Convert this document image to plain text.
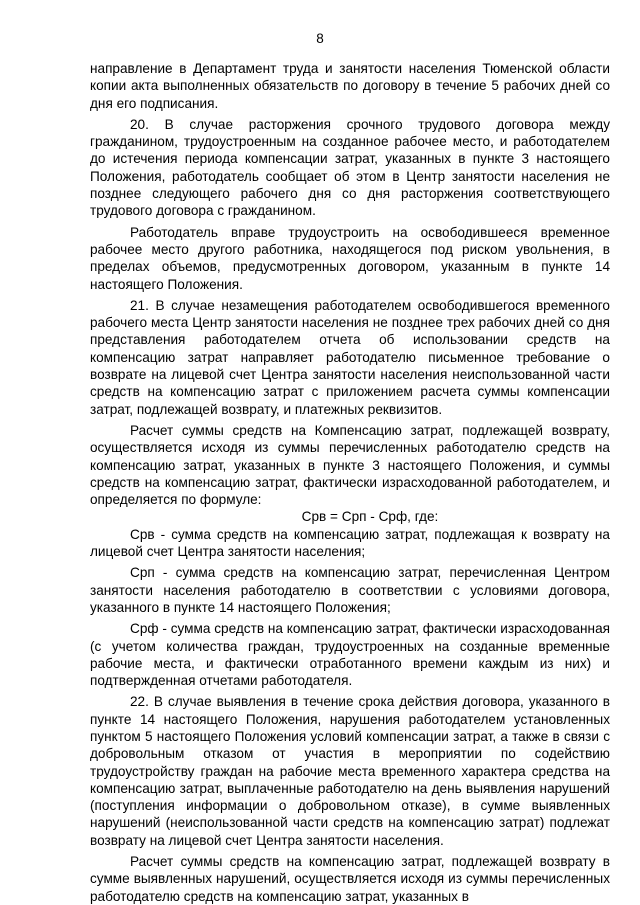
8

направление в Департамент труда и занятости населения Тюменской области копии акта выполненных обязательств по договору в течение 5 рабочих дней со дня его подписания.

20. В случае расторжения срочного трудового договора между гражданином, трудоустроенным на созданное рабочее место, и работодателем до истечения периода компенсации затрат, указанных в пункте 3 настоящего Положения, работодатель сообщает об этом в Центр занятости населения не позднее следующего рабочего дня со дня расторжения соответствующего трудового договора с гражданином.

Работодатель вправе трудоустроить на освободившееся временное рабочее место другого работника, находящегося под риском увольнения, в пределах объемов, предусмотренных договором, указанным в пункте 14 настоящего Положения.

21. В случае незамещения работодателем освободившегося временного рабочего места Центр занятости населения не позднее трех рабочих дней со дня представления работодателем отчета об использовании средств на компенсацию затрат направляет работодателю письменное требование о возврате на лицевой счет Центра занятости населения неиспользованной части средств на компенсацию затрат с приложением расчета суммы компенсации затрат, подлежащей возврату, и платежных реквизитов.

Расчет суммы средств на Компенсацию затрат, подлежащей возврату, осуществляется исходя из суммы перечисленных работодателю средств на компенсацию затрат, указанных в пункте 3 настоящего Положения, и суммы средств на компенсацию затрат, фактически израсходованной работодателем, и определяется по формуле:

Срв = Срп - Срф, где:

Срв - сумма средств на компенсацию затрат, подлежащая к возврату на лицевой счет Центра занятости населения;

Срп - сумма средств на компенсацию затрат, перечисленная Центром занятости населения работодателю в соответствии с условиями договора, указанного в пункте 14 настоящего Положения;

Срф - сумма средств на компенсацию затрат, фактически израсходованная (с учетом количества граждан, трудоустроенных на созданные временные рабочие места, и фактически отработанного времени каждым из них) и подтвержденная отчетами работодателя.

22. В случае выявления в течение срока действия договора, указанного в пункте 14 настоящего Положения, нарушения работодателем установленных пунктом 5 настоящего Положения условий компенсации затрат, а также в связи с добровольным отказом от участия в мероприятии по содействию трудоустройству граждан на рабочие места временного характера средства на компенсацию затрат, выплаченные работодателю на день выявления нарушений (поступления информации о добровольном отказе), в сумме выявленных нарушений (неиспользованной части средств на компенсацию затрат) подлежат возврату на лицевой счет Центра занятости населения.

Расчет суммы средств на компенсацию затрат, подлежащей возврату в сумме выявленных нарушений, осуществляется исходя из суммы перечисленных работодателю средств на компенсацию затрат, указанных в
